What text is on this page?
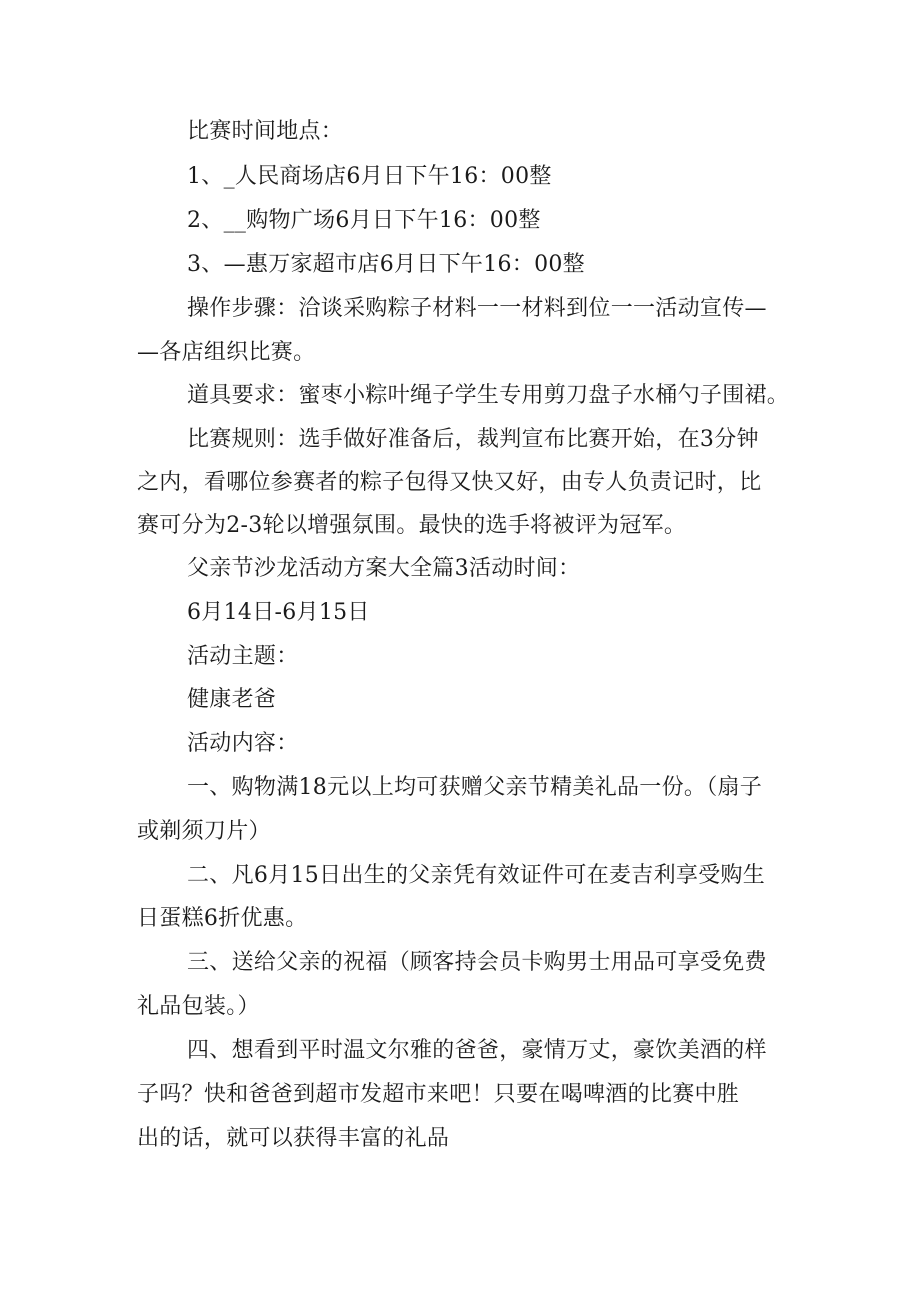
比赛时间地点：
1、_人民商场店6月日下午16：00整
2、__购物广场6月日下午16：00整
3、—惠万家超市店6月日下午16：00整
操作步骤：洽谈采购粽子材料一一材料到位一一活动宣传—
—各店组织比赛。
道具要求：蜜枣小粽叶绳子学生专用剪刀盘子水桶勺子围裙。
比赛规则：选手做好准备后，裁判宣布比赛开始，在3分钟
之内，看哪位参赛者的粽子包得又快又好，由专人负责记时，比
赛可分为2-3轮以增强氛围。最快的选手将被评为冠军。
父亲节沙龙活动方案大全篇3活动时间：
6月14日-6月15日
活动主题：
健康老爸
活动内容：
一、购物满18元以上均可获赠父亲节精美礼品一份。（扇子
或剃须刀片）
二、凡6月15日出生的父亲凭有效证件可在麦吉利享受购生
日蛋糕6折优惠。
三、送给父亲的祝福（顾客持会员卡购男士用品可享受免费
礼品包装。）
四、想看到平时温文尔雅的爸爸，豪情万丈，豪饮美酒的样
子吗？快和爸爸到超市发超市来吧！只要在喝啤酒的比赛中胜
出的话，就可以获得丰富的礼品
